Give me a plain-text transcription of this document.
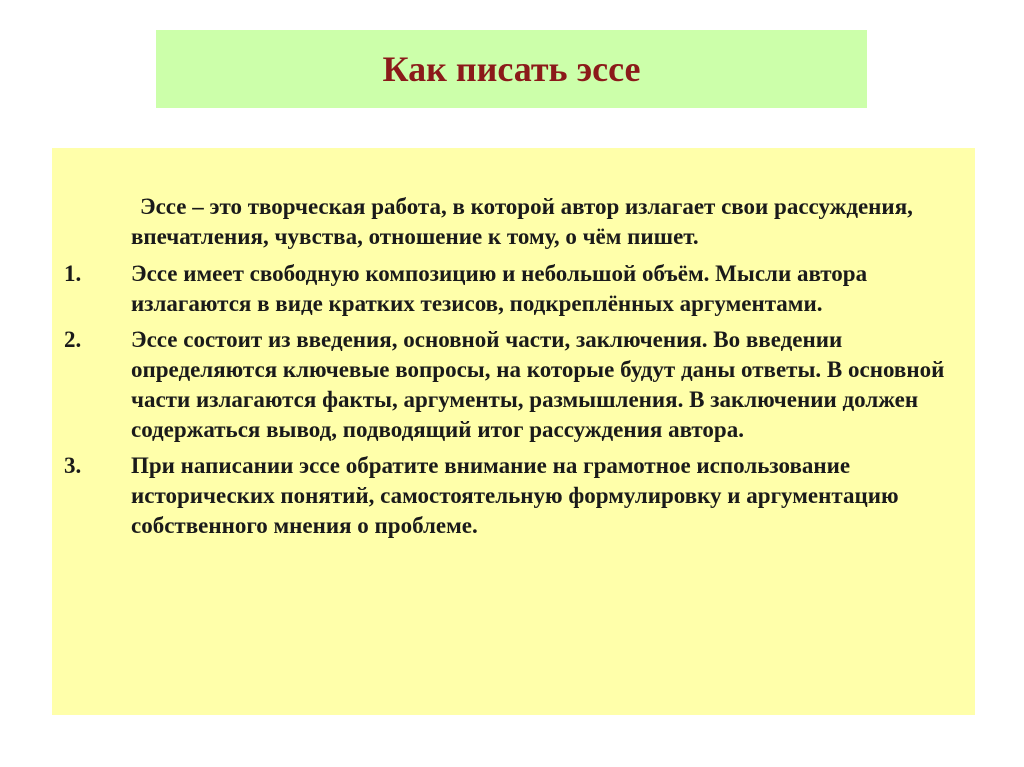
Как писать эссе

Эссе – это творческая работа, в которой автор излагает свои рассуждения, впечатления, чувства, отношение к тому, о чём пишет.

1.	Эссе имеет свободную композицию и небольшой объём. Мысли автора излагаются в виде кратких тезисов, подкреплённых аргументами.
2.	Эссе состоит из введения, основной части, заключения. Во введении определяются ключевые вопросы, на которые будут даны ответы. В основной части излагаются факты, аргументы, размышления. В заключении должен содержаться вывод, подводящий итог рассуждения автора.
3.	При написании эссе обратите внимание на грамотное использование исторических понятий, самостоятельную формулировку и аргументацию собственного мнения о проблеме.
